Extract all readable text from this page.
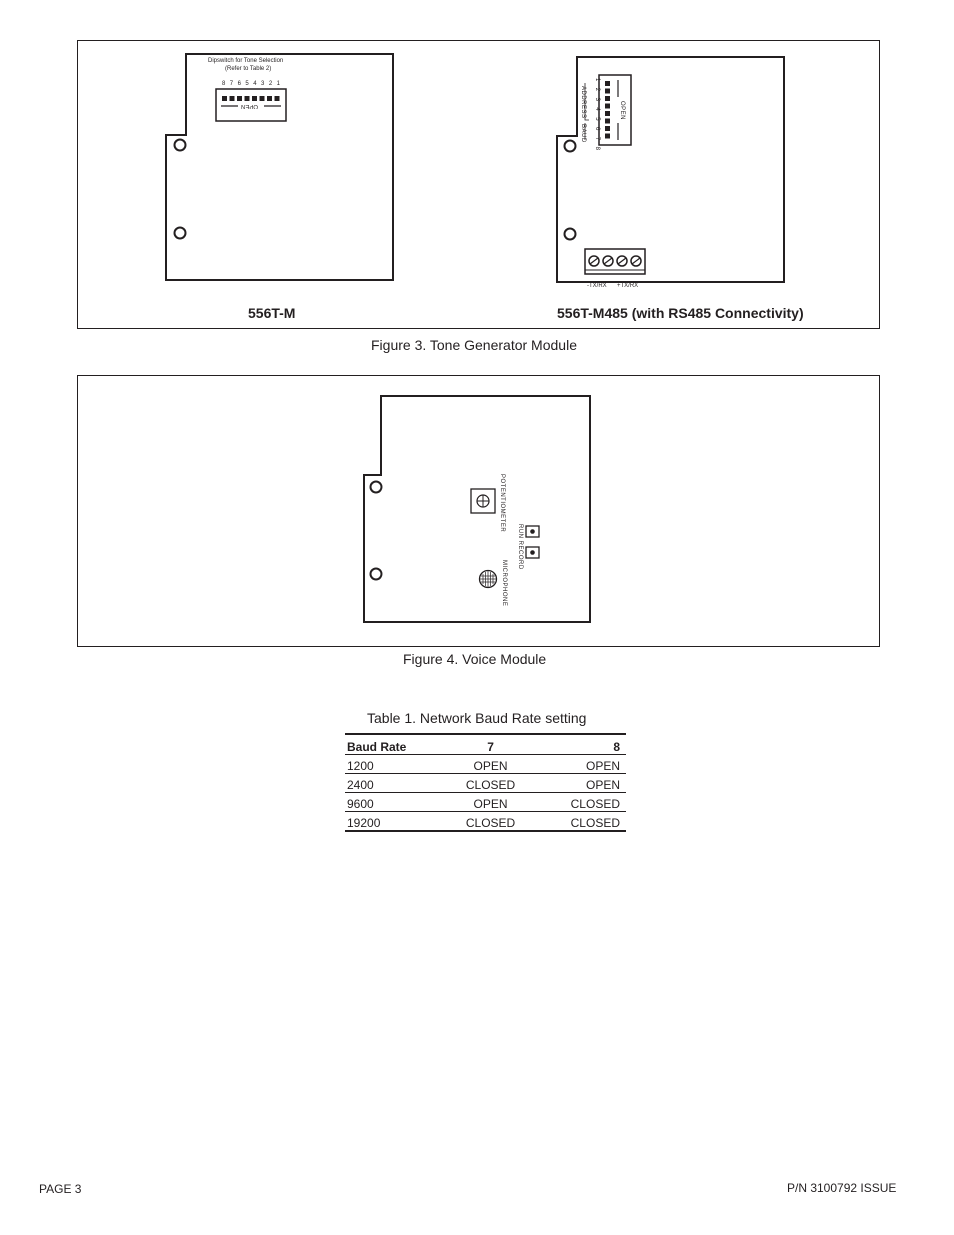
Dipswitch for Tone Selection
(Refer to Table 2)
8 7 6 5 4 3 2 1
OPEN	1 2 3 4 5 6 7 8	OPEN
ADDRESS
BAUD
-TX/RX +TX/RX
556T-M	556T-M485 (with RS485 Connectivity)
Figure 3. Tone Generator Module
POTENTIOMETER
RUN RECORD
MICROPHONE
Figure 4. Voice Module
Table 1. Network Baud Rate setting
Baud Rate	7	8
1200	OPEN	OPEN
2400	CLOSED	OPEN
9600	OPEN	CLOSED
19200	CLOSED	CLOSED
PAGE 3	P/N 3100792 ISSUE
